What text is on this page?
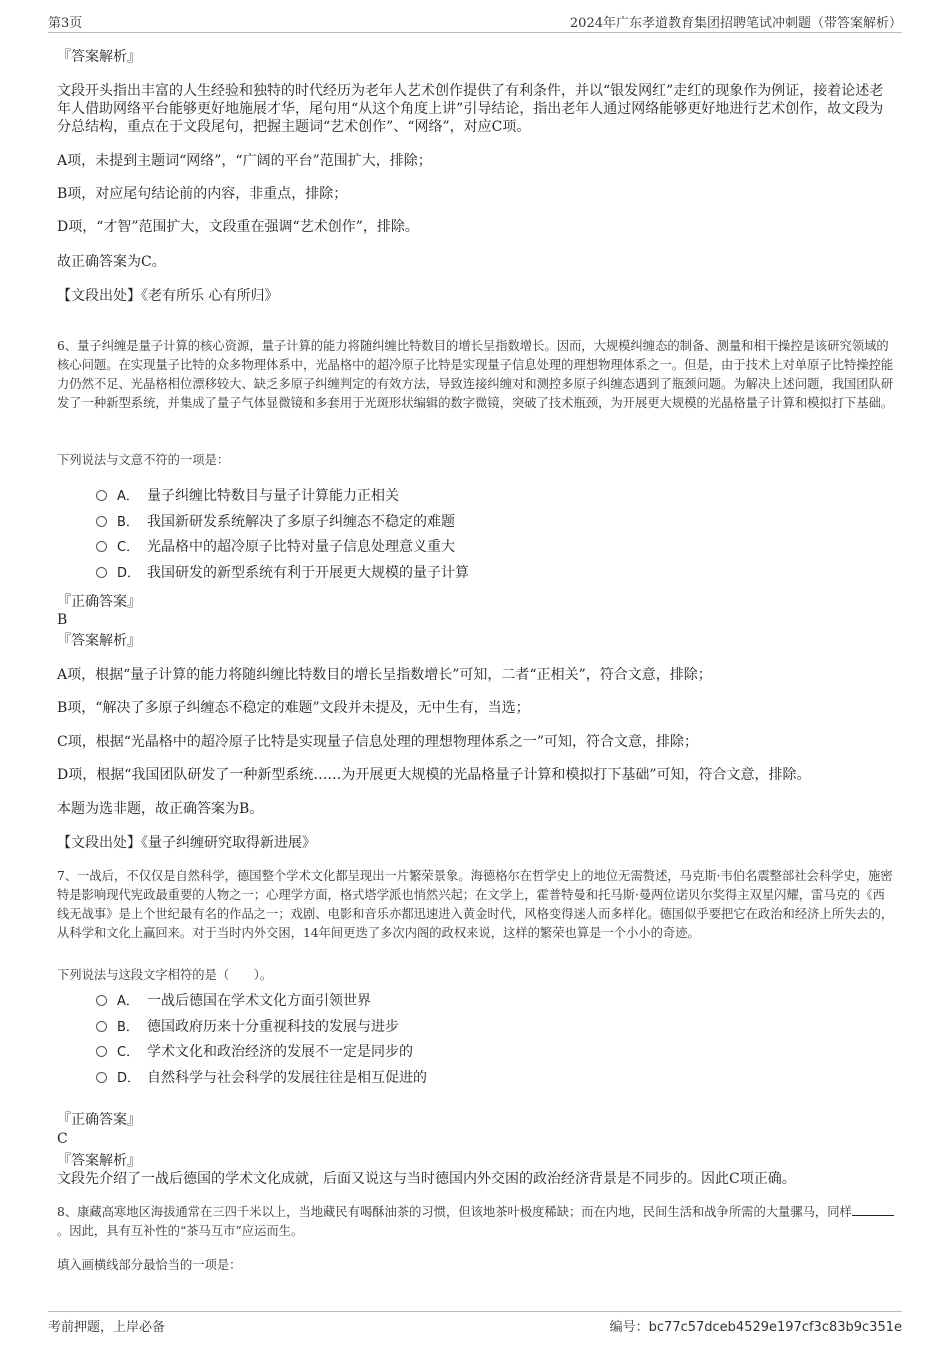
第3页	2024年广东孝道教育集团招聘笔试冲刺题（带答案解析）
『答案解析』
文段开头指出丰富的人生经验和独特的时代经历为老年人艺术创作提供了有利条件，并以“银发网红”走红的现象作为例证，接着论述老年人借助网络平台能够更好地施展才华，尾句用“从这个角度上讲”引导结论，指出老年人通过网络能够更好地进行艺术创作，故文段为分总结构，重点在于文段尾句，把握主题词“艺术创作”、“网络”，对应C项。
A项，未提到主题词“网络”，“广阔的平台”范围扩大，排除；
B项，对应尾句结论前的内容，非重点，排除；
D项，“才智”范围扩大，文段重在强调“艺术创作”，排除。
故正确答案为C。
【文段出处】《老有所乐 心有所归》
6、量子纠缠是量子计算的核心资源，量子计算的能力将随纠缠比特数目的增长呈指数增长。因而，大规模纠缠态的制备、测量和相干操控是该研究领域的核心问题。在实现量子比特的众多物理体系中，光晶格中的超冷原子比特是实现量子信息处理的理想物理体系之一。但是，由于技术上对单原子比特操控能力仍然不足、光晶格相位漂移较大、缺乏多原子纠缠判定的有效方法，导致连接纠缠对和测控多原子纠缠态遇到了瓶颈问题。为解决上述问题，我国团队研发了一种新型系统，并集成了量子气体显微镜和多套用于光斑形状编辑的数字微镜，突破了技术瓶颈，为开展更大规模的光晶格量子计算和模拟打下基础。
下列说法与文意不符的一项是：
A． 量子纠缠比特数目与量子计算能力正相关
B． 我国新研发系统解决了多原子纠缠态不稳定的难题
C． 光晶格中的超冷原子比特对量子信息处理意义重大
D． 我国研发的新型系统有利于开展更大规模的量子计算
『正确答案』
B
『答案解析』
A项，根据“量子计算的能力将随纠缠比特数目的增长呈指数增长”可知，二者“正相关”，符合文意，排除；
B项，“解决了多原子纠缠态不稳定的难题”文段并未提及，无中生有，当选；
C项，根据“光晶格中的超冷原子比特是实现量子信息处理的理想物理体系之一”可知，符合文意，排除；
D项，根据“我国团队研发了一种新型系统……为开展更大规模的光晶格量子计算和模拟打下基础”可知，符合文意，排除。
本题为选非题，故正确答案为B。
【文段出处】《量子纠缠研究取得新进展》
7、一战后，不仅仅是自然科学，德国整个学术文化都呈现出一片繁荣景象。海德格尔在哲学史上的地位无需赘述，马克斯·韦伯名震整部社会科学史，施密特是影响现代宪政最重要的人物之一；心理学方面，格式塔学派也悄然兴起；在文学上，霍普特曼和托马斯·曼两位诺贝尔奖得主双星闪耀，雷马克的《西线无战事》是上个世纪最有名的作品之一；戏剧、电影和音乐亦都迅速进入黄金时代，风格变得迷人而多样化。德国似乎要把它在政治和经济上所失去的，从科学和文化上赢回来。对于当时内外交困，14年间更迭了多次内阁的政权来说，这样的繁荣也算是一个小小的奇迹。
下列说法与这段文字相符的是（　　）。
A． 一战后德国在学术文化方面引领世界
B． 德国政府历来十分重视科技的发展与进步
C． 学术文化和政治经济的发展不一定是同步的
D． 自然科学与社会科学的发展往往是相互促进的
『正确答案』
C
『答案解析』
文段先介绍了一战后德国的学术文化成就，后面又说这与当时德国内外交困的政治经济背景是不同步的。因此C项正确。
8、康藏高寒地区海拔通常在三四千米以上，当地藏民有喝酥油茶的习惯，但该地茶叶极度稀缺；而在内地，民间生活和战争所需的大量骡马，同样。因此，具有互补性的“茶马互市”应运而生。
填入画横线部分最恰当的一项是：
考前押题，上岸必备	编号：bc77c57dceb4529e197cf3c83b9c351e
